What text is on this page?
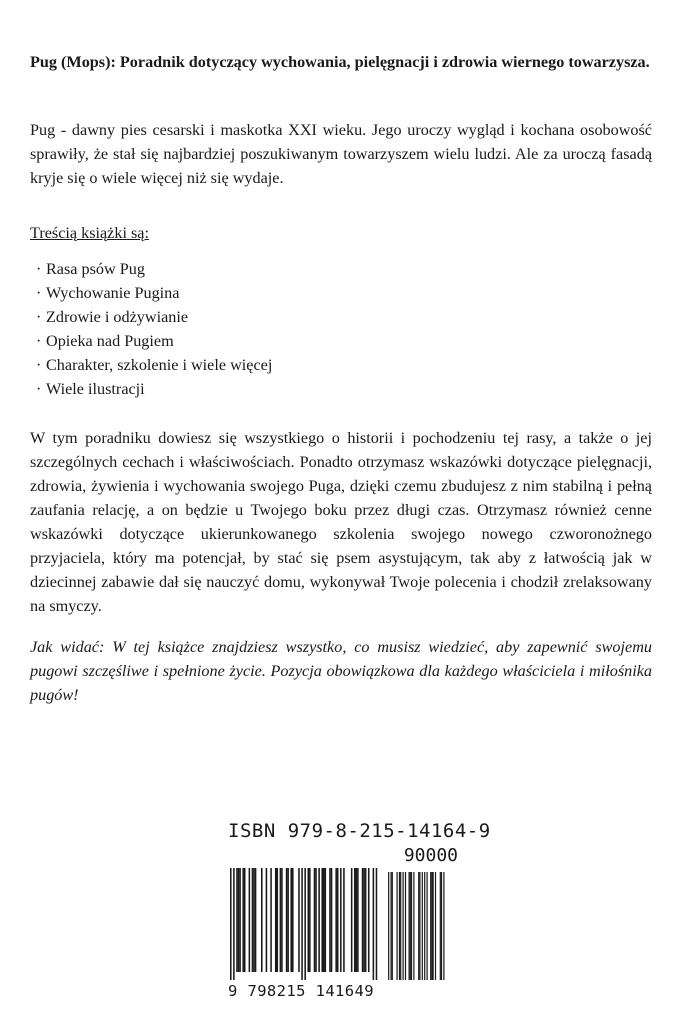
Pug (Mops): Poradnik dotyczący wychowania, pielęgnacji i zdrowia wiernego towarzysza.

Pug - dawny pies cesarski i maskotka XXI wieku. Jego uroczy wygląd i kochana osobowość sprawiły, że stał się najbardziej poszukiwanym towarzyszem wielu ludzi. Ale za uroczą fasadą kryje się o wiele więcej niż się wydaje.

Treścią książki są:

· Rasa psów Pug
· Wychowanie Pugina
· Zdrowie i odżywianie
· Opieka nad Pugiem
· Charakter, szkolenie i wiele więcej
· Wiele ilustracji

W tym poradniku dowiesz się wszystkiego o historii i pochodzeniu tej rasy, a także o jej szczególnych cechach i właściwościach. Ponadto otrzymasz wskazówki dotyczące pielęgnacji, zdrowia, żywienia i wychowania swojego Puga, dzięki czemu zbudujesz z nim stabilną i pełną zaufania relację, a on będzie u Twojego boku przez długi czas. Otrzymasz również cenne wskazówki dotyczące ukierunkowanego szkolenia swojego nowego czworonożnego przyjaciela, który ma potencjał, by stać się psem asystującym, tak aby z łatwością jak w dziecinnej zabawie dał się nauczyć domu, wykonywał Twoje polecenia i chodził zrelaksowany na smyczy.

Jak widać: W tej książce znajdziesz wszystko, co musisz wiedzieć, aby zapewnić swojemu pugowi szczęśliwe i spełnione życie. Pozycja obowiązkowa dla każdego właściciela i miłośnika pugów!

ISBN 979-8-215-14164-9
90000
9 798215 141649
